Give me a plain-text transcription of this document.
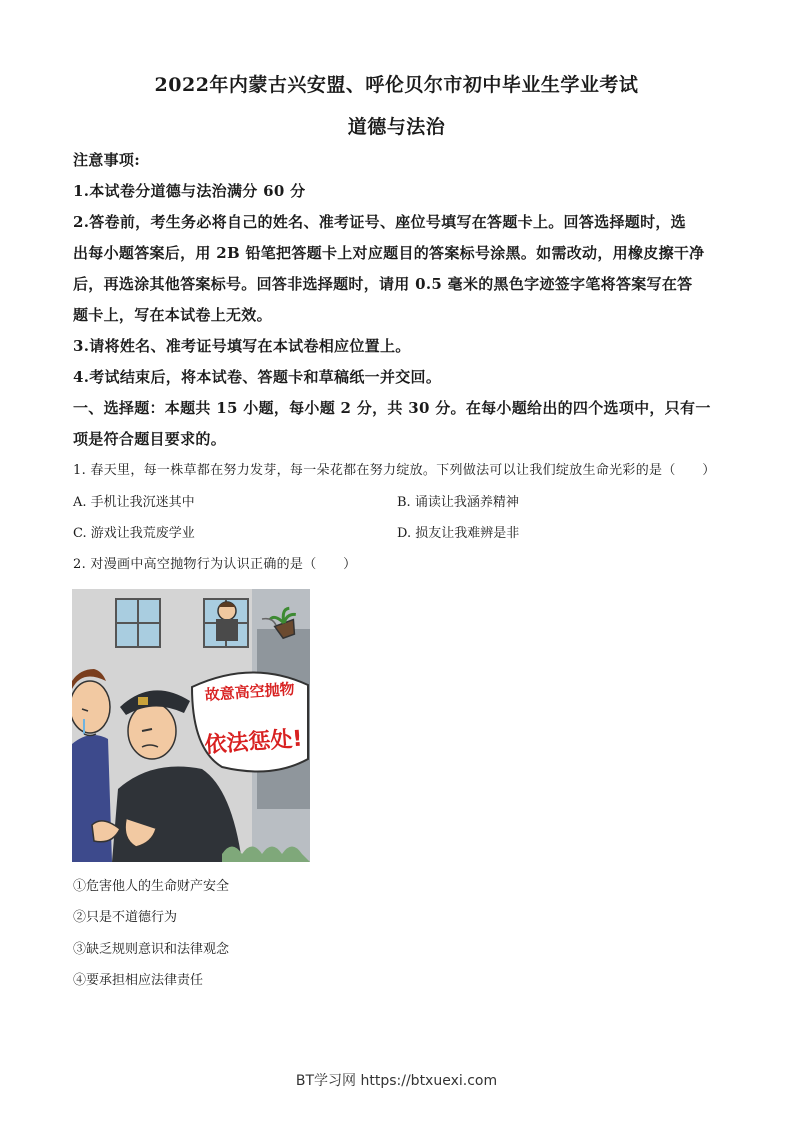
2022年内蒙古兴安盟、呼伦贝尔市初中毕业生学业考试
道德与法治
注意事项:
1.本试卷分道德与法治满分 60 分
2.答卷前，考生务必将自己的姓名、准考证号、座位号填写在答题卡上。回答选择题时，选
出每小题答案后，用 2B 铅笔把答题卡上对应题目的答案标号涂黑。如需改动，用橡皮擦干净
后，再选涂其他答案标号。回答非选择题时，请用 0.5 毫米的黑色字迹签字笔将答案写在答
题卡上，写在本试卷上无效。
3.请将姓名、准考证号填写在本试卷相应位置上。
4.考试结束后，将本试卷、答题卡和草稿纸一并交回。
一、选择题：本题共 15 小题，每小题 2 分，共 30 分。在每小题给出的四个选项中，只有一
项是符合题目要求的。
1. 春天里，每一株草都在努力发芽，每一朵花都在努力绽放。下列做法可以让我们绽放生命光彩的是（　　）
A. 手机让我沉迷其中	B. 诵读让我涵养精神
C. 游戏让我荒废学业	D. 损友让我难辨是非
2. 对漫画中高空抛物行为认识正确的是（　　）
故意高空抛物
依法惩处!
①危害他人的生命财产安全
②只是不道德行为
③缺乏规则意识和法律观念
④要承担相应法律责任
BT学习网 https://btxuexi.com
